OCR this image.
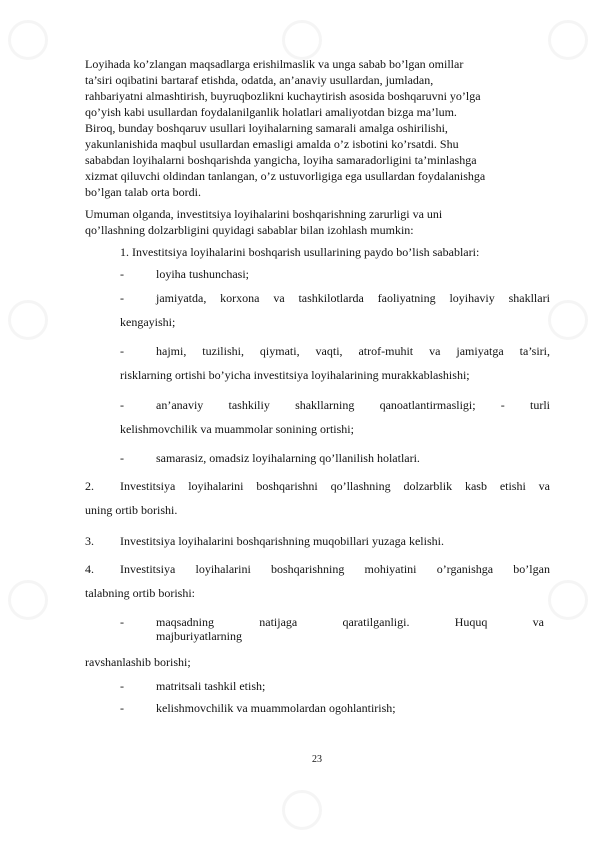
Loyihada ko’zlangan maqsadlarga erishilmaslik va unga sabab bo’lgan omillar
ta’siri oqibatini bartaraf etishda, odatda, an’anaviy usullardan, jumladan,
rahbariyatni almashtirish, buyruqbozlikni kuchaytirish asosida boshqaruvni yo’lga
qo’yish kabi usullardan foydalanilganlik holatlari amaliyotdan bizga ma’lum.
Biroq, bunday boshqaruv usullari loyihalarning samarali amalga oshirilishi,
yakunlanishida maqbul usullardan emasligi amalda o’z isbotini ko’rsatdi. Shu
sababdan loyihalarni boshqarishda yangicha, loyiha samaradorligini ta’minlashga
xizmat qiluvchi oldindan tanlangan, o’z ustuvorligiga ega usullardan foydalanishga
bo’lgan talab orta bordi.
Umuman olganda, investitsiya loyihalarini boshqarishning zarurligi va uni
qo’llashning dolzarbligini quyidagi sabablar bilan izohlash mumkin:
1. Investitsiya loyihalarini boshqarish usullarining paydo bo’lish sabablari:
-	loyiha tushunchasi;
-	jamiyatda, korxona va tashkilotlarda faoliyatning loyihaviy shakllari
kengayishi;
-	hajmi, tuzilishi, qiymati, vaqti, atrof-muhit va jamiyatga ta’siri,
risklarning ortishi bo’yicha investitsiya loyihalarining murakkablashishi;
-	an’anaviy tashkiliy shakllarning qanoatlantirmasligi; - turli
kelishmovchilik va muammolar sonining ortishi;
-	samarasiz, omadsiz loyihalarning qo’llanilish holatlari.
2. Investitsiya loyihalarini boshqarishni qo’llashning dolzarblik kasb etishi va
uning ortib borishi.
3. Investitsiya loyihalarini boshqarishning muqobillari yuzaga kelishi.
4. Investitsiya loyihalarini boshqarishning mohiyatini o’rganishga bo’lgan
talabning ortib borishi:
-	maqsadning	natijaga	qaratilganligi.	Huquq	va
majburiyatlarning
ravshanlashib borishi;
-	matritsali tashkil etish;
-	kelishmovchilik va muammolardan ogohlantirish;
23
